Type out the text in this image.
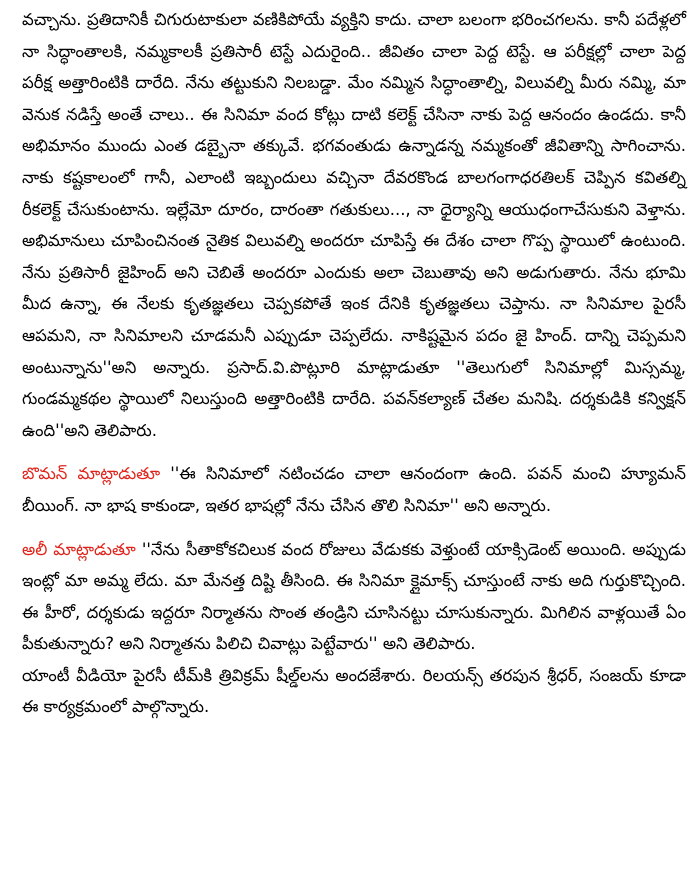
వచ్చాను. ప్రతిదానికీ చిగురుటాకులా వణికిపోయే వ్యక్తిని కాదు. చాలా బలంగా భరించగలను. కానీ పదేళ్లలో నా సిద్ధాంతాలకి, నమ్మకాలకీ ప్రతిసారీ టెస్టే ఎదురైంది.. జీవితం చాలా పెద్ద టెస్టే. ఆ పరీక్షల్లో చాలా పెద్ద పరీక్ష అత్తారింటికి దారేది. నేను తట్టుకుని నిలబడ్డా. మేం నమ్మిన సిద్ధాంతాల్ని, విలువల్ని మీరు నమ్మి, మా వెనుక నడిస్తే అంతే చాలు.. ఈ సినిమా వంద కోట్లు దాటి కలెక్ట్ చేసినా నాకు పెద్ద ఆనందం ఉండదు. కానీ అభిమానం ముందు ఎంత డబ్బైనా తక్కువే. భగవంతుడు ఉన్నాడన్న నమ్మకంతో జీవితాన్ని సాగించాను. నాకు కష్టకాలంలో గానీ, ఎలాంటి ఇబ్బందులు వచ్చినా దేవరకొండ బాలగంగాధరతిలక్ చెప్పిన కవితల్ని రీకలెక్ట్ చేసుకుంటాను. ఇల్లేమో దూరం, దారంతా గతుకులు..., నా ధైర్యాన్ని ఆయుధంగాచేసుకుని వెళ్తాను. అభిమానులు చూపించినంత నైతిక విలువల్ని అందరూ చూపిస్తే ఈ దేశం చాలా గొప్ప స్థాయిలో ఉంటుంది. నేను ప్రతిసారీ జైహింద్ అని చెబితే అందరూ ఎందుకు అలా చెబుతావు అని అడుగుతారు. నేను భూమి మీద ఉన్నా, ఈ నేలకు కృతజ్ఞతలు చెప్పకపోతే ఇంక దేనికి కృతజ్ఞతలు చెప్తాను. నా సినిమాల పైరసీ ఆపమని, నా సినిమాలని చూడమనీ ఎప్పుడూ చెప్పలేదు. నాకిష్టమైన పదం జై హింద్. దాన్ని చెప్పమని అంటున్నాను''అని అన్నారు. ప్రసాద్.వి.పొట్లూరి మాట్లాడుతూ ''తెలుగులో సినిమాల్లో మిస్సమ్మ, గుండమ్మకథల స్థాయిలో నిలుస్తుంది అత్తారింటికి దారేది. పవన్‌కల్యాణ్ చేతల మనిషి. దర్శకుడికి కన్విక్షన్ ఉంది''అని తెలిపారు.

బొమన్ మాట్లాడుతూ ''ఈ సినిమాలో నటించడం చాలా ఆనందంగా ఉంది. పవన్ మంచి హ్యూమన్ బీయింగ్. నా భాష కాకుండా, ఇతర భాషల్లో నేను చేసిన తొలి సినిమా'' అని అన్నారు.

అలీ మాట్లాడుతూ ''నేను సీతాకోకచిలుక వంద రోజులు వేడుకకు వెళ్తుంటే యాక్సిడెంట్ అయింది. అప్పుడు ఇంట్లో మా అమ్మ లేదు. మా మేనత్త దిష్టి తీసింది. ఈ సినిమా క్లైమాక్స్ చూస్తుంటే నాకు అది గుర్తుకొచ్చింది. ఈ హీరో, దర్శకుడు ఇద్దరూ నిర్మాతను సొంత తండ్రిని చూసినట్టు చూసుకున్నారు. మిగిలిన వాళ్లయితే ఏం పీకుతున్నారు? అని నిర్మాతను పిలిచి చివాట్లు పెట్టేవారు'' అని తెలిపారు.

యాంటీ వీడియో పైరసీ టీమ్‌కి త్రివిక్రమ్ షీల్డ్‌లను అందజేశారు. రిలయన్స్ తరపున శ్రీధర్, సంజయ్ కూడా ఈ కార్యక్రమంలో పాల్గొన్నారు.
